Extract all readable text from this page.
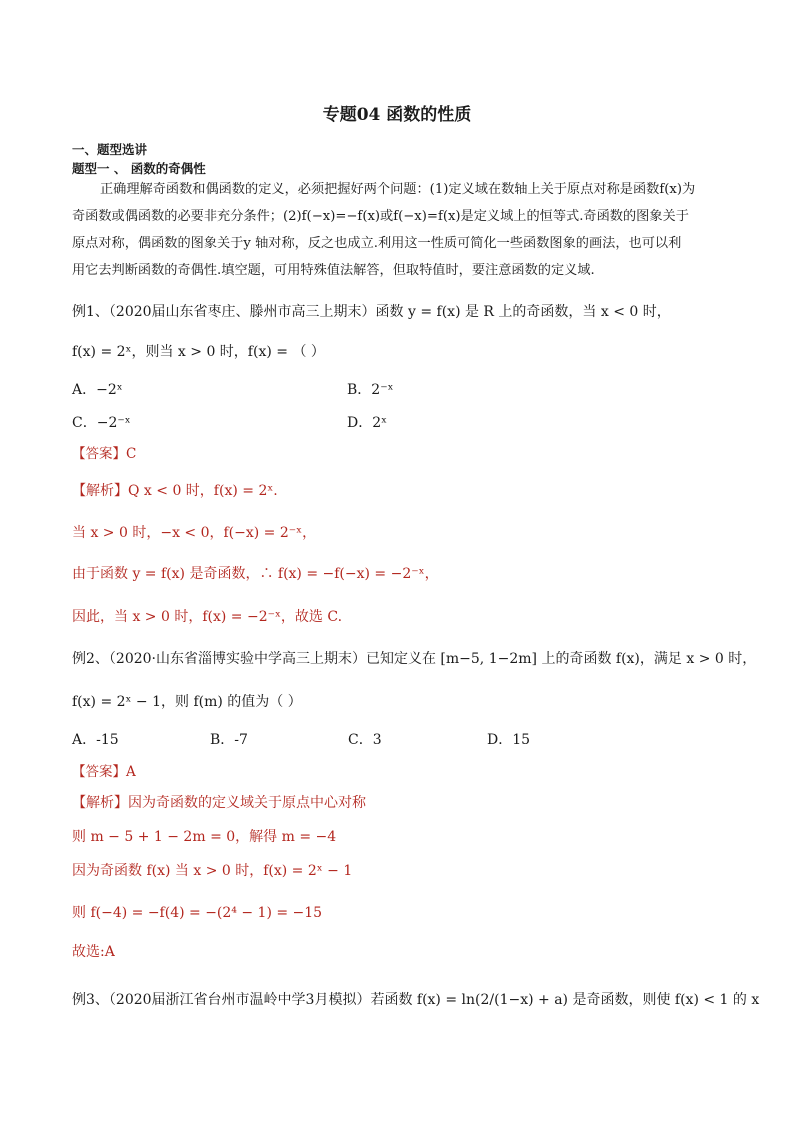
专题04 函数的性质
一、题型选讲
题型一 、 函数的奇偶性
正确理解奇函数和偶函数的定义，必须把握好两个问题：(1)定义域在数轴上关于原点对称是函数f(x)为
奇函数或偶函数的必要非充分条件；(2)f(−x)=−f(x)或f(−x)=f(x)是定义域上的恒等式.奇函数的图象关于
原点对称，偶函数的图象关于y 轴对称，反之也成立.利用这一性质可简化一些函数图象的画法，也可以利
用它去判断函数的奇偶性.填空题，可用特殊值法解答，但取特值时，要注意函数的定义域.
例1、（2020届山东省枣庄、滕州市高三上期末）函数 y = f(x) 是 R 上的奇函数，当 x < 0 时，
f(x) = 2ˣ，则当 x > 0 时，f(x) = （ ）
A．−2ˣ	B．2⁻ˣ
C．−2⁻ˣ	D．2ˣ
【答案】C
【解析】Q x < 0 时，f(x) = 2ˣ.
当 x > 0 时，−x < 0，f(−x) = 2⁻ˣ，
由于函数 y = f(x) 是奇函数，∴ f(x) = −f(−x) = −2⁻ˣ，
因此，当 x > 0 时，f(x) = −2⁻ˣ，故选 C.
例2、（2020·山东省淄博实验中学高三上期末）已知定义在 [m−5, 1−2m] 上的奇函数 f(x)，满足 x > 0 时，
f(x) = 2ˣ − 1，则 f(m) 的值为（ ）
A．-15	B．-7	C．3	D．15
【答案】A
【解析】因为奇函数的定义域关于原点中心对称
则 m − 5 + 1 − 2m = 0，解得 m = −4
因为奇函数 f(x) 当 x > 0 时，f(x) = 2ˣ − 1
则 f(−4) = −f(4) = −(2⁴ − 1) = −15
故选:A
例3、（2020届浙江省台州市温岭中学3月模拟）若函数 f(x) = ln(2/(1−x) + a) 是奇函数，则使 f(x) < 1 的 x
